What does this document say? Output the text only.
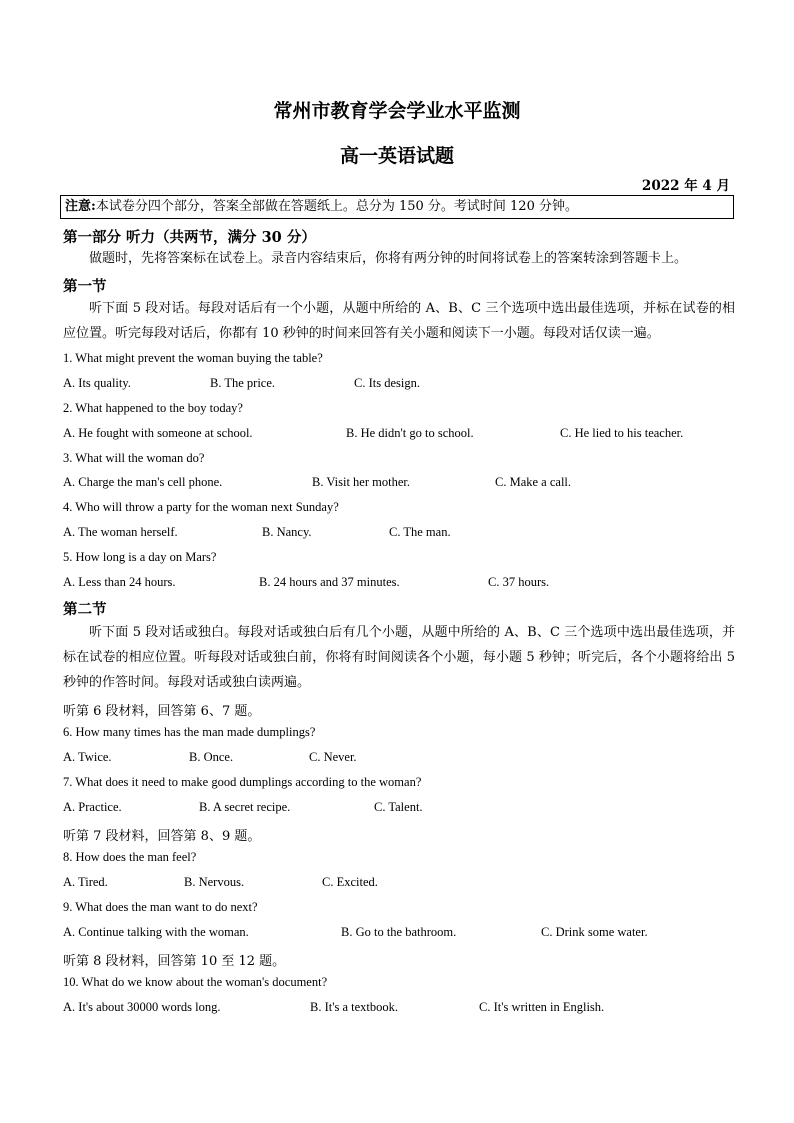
常州市教育学会学业水平监测
高一英语试题
2022 年 4 月
注意:本试卷分四个部分，答案全部做在答题纸上。总分为 150 分。考试时间 120 分钟。
第一部分 听力（共两节，满分 30 分）
做题时，先将答案标在试卷上。录音内容结束后，你将有两分钟的时间将试卷上的答案转涂到答题卡上。
第一节
听下面 5 段对话。每段对话后有一个小题，从题中所给的 A、B、C 三个选项中选出最佳选项，并标在试卷的相应位置。听完每段对话后，你都有 10 秒钟的时间来回答有关小题和阅读下一小题。每段对话仅读一遍。
1. What might prevent the woman buying the table?
A. Its quality.	B. The price.	C. Its design.
2. What happened to the boy today?
A. He fought with someone at school.	B. He didn't go to school.	C. He lied to his teacher.
3. What will the woman do?
A. Charge the man's cell phone.	B. Visit her mother.	C. Make a call.
4. Who will throw a party for the woman next Sunday?
A. The woman herself.	B. Nancy.	C. The man.
5. How long is a day on Mars?
A. Less than 24 hours.	B. 24 hours and 37 minutes.	C. 37 hours.
第二节
听下面 5 段对话或独白。每段对话或独白后有几个小题，从题中所给的 A、B、C 三个选项中选出最佳选项，并标在试卷的相应位置。听每段对话或独白前，你将有时间阅读各个小题，每小题 5 秒钟；听完后，各个小题将给出 5 秒钟的作答时间。每段对话或独白读两遍。
听第 6 段材料，回答第 6、7 题。
6. How many times has the man made dumplings?
A. Twice.	B. Once.	C. Never.
7. What does it need to make good dumplings according to the woman?
A. Practice.	B. A secret recipe.	C. Talent.
听第 7 段材料，回答第 8、9 题。
8. How does the man feel?
A. Tired.	B. Nervous.	C. Excited.
9. What does the man want to do next?
A. Continue talking with the woman.	B. Go to the bathroom.	C. Drink some water.
听第 8 段材料，回答第 10 至 12 题。
10. What do we know about the woman's document?
A. It's about 30000 words long.	B. It's a textbook.	C. It's written in English.
